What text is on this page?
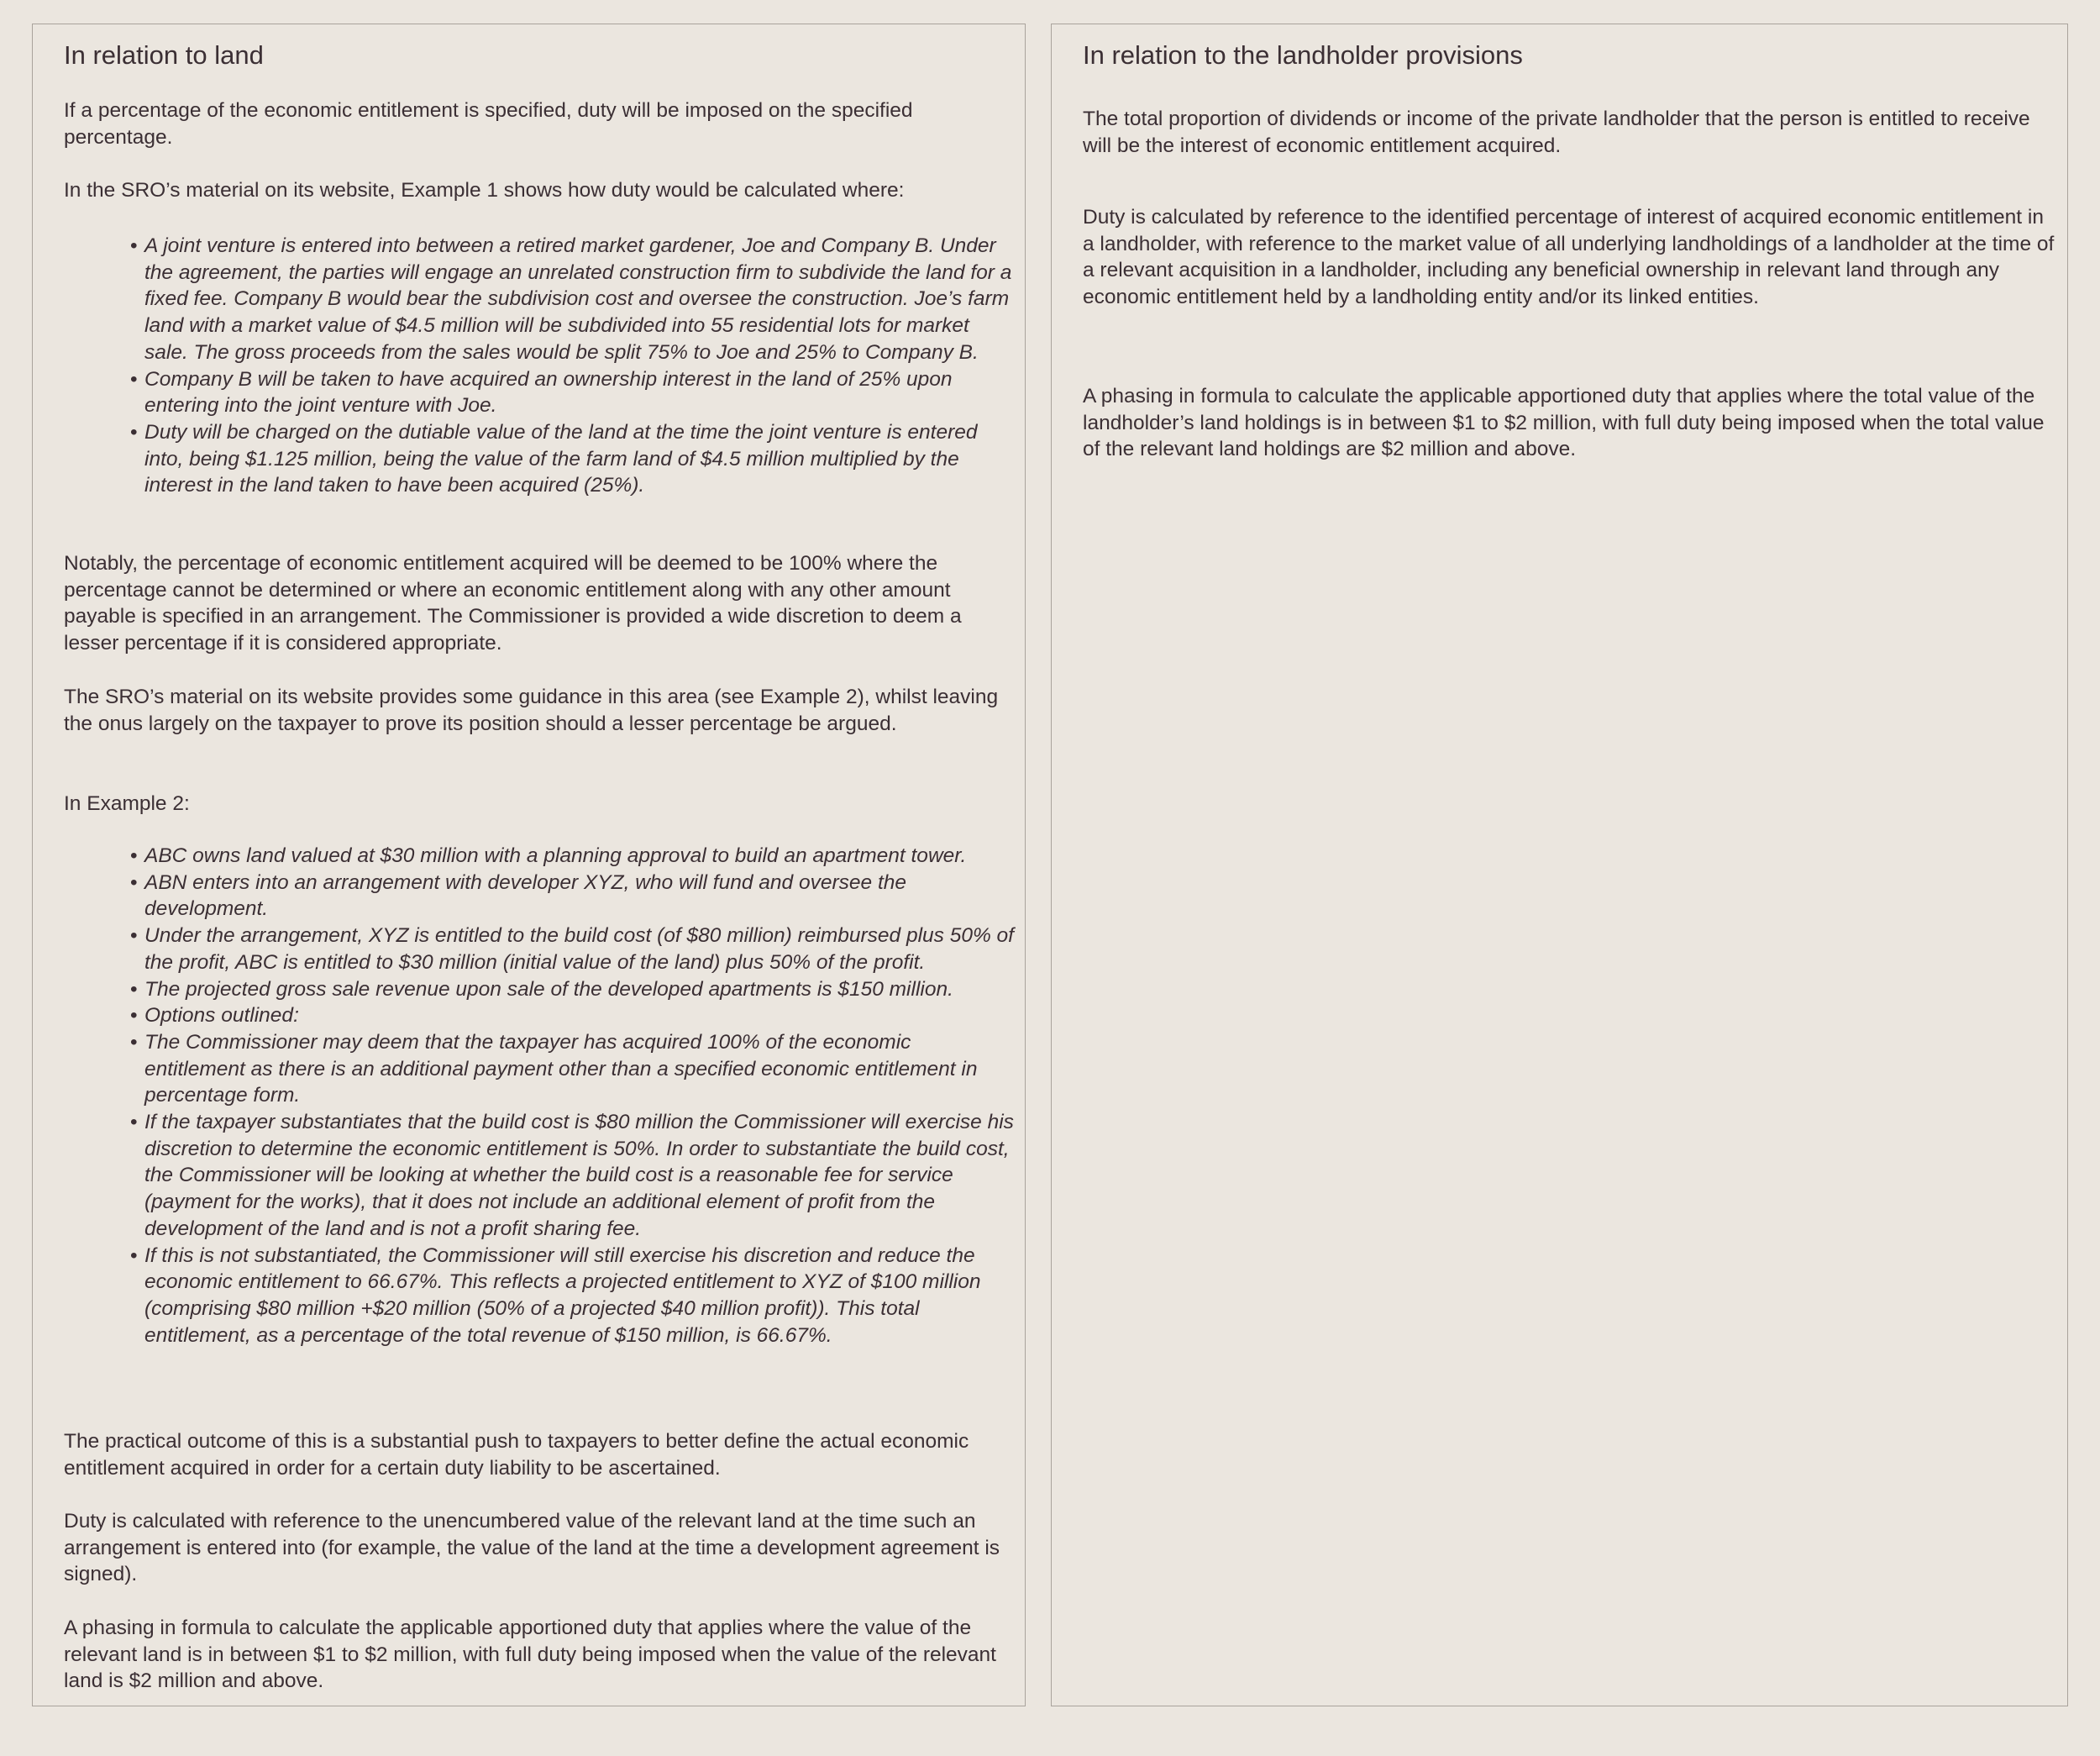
In relation to land

If a percentage of the economic entitlement is specified, duty will be imposed on the specified percentage.

In the SRO’s material on its website, Example 1 shows how duty would be calculated where:

• A joint venture is entered into between a retired market gardener, Joe and Company B. Under the agreement, the parties will engage an unrelated construction firm to subdivide the land for a fixed fee. Company B would bear the subdivision cost and oversee the construction. Joe’s farm land with a market value of $4.5 million will be subdivided into 55 residential lots for market sale. The gross proceeds from the sales would be split 75% to Joe and 25% to Company B.
• Company B will be taken to have acquired an ownership interest in the land of 25% upon entering into the joint venture with Joe.
• Duty will be charged on the dutiable value of the land at the time the joint venture is entered into, being $1.125 million, being the value of the farm land of $4.5 million multiplied by the interest in the land taken to have been acquired (25%).

Notably, the percentage of economic entitlement acquired will be deemed to be 100% where the percentage cannot be determined or where an economic entitlement along with any other amount payable is specified in an arrangement. The Commissioner is provided a wide discretion to deem a lesser percentage if it is considered appropriate.

The SRO’s material on its website provides some guidance in this area (see Example 2), whilst leaving the onus largely on the taxpayer to prove its position should a lesser percentage be argued.

In Example 2:

• ABC owns land valued at $30 million with a planning approval to build an apartment tower.
• ABN enters into an arrangement with developer XYZ, who will fund and oversee the development.
• Under the arrangement, XYZ is entitled to the build cost (of $80 million) reimbursed plus 50% of the profit, ABC is entitled to $30 million (initial value of the land) plus 50% of the profit.
• The projected gross sale revenue upon sale of the developed apartments is $150 million.
• Options outlined:
• The Commissioner may deem that the taxpayer has acquired 100% of the economic entitlement as there is an additional payment other than a specified economic entitlement in percentage form.
• If the taxpayer substantiates that the build cost is $80 million the Commissioner will exercise his discretion to determine the economic entitlement is 50%. In order to substantiate the build cost, the Commissioner will be looking at whether the build cost is a reasonable fee for service (payment for the works), that it does not include an additional element of profit from the development of the land and is not a profit sharing fee.
• If this is not substantiated, the Commissioner will still exercise his discretion and reduce the economic entitlement to 66.67%. This reflects a projected entitlement to XYZ of $100 million (comprising $80 million +$20 million (50% of a projected $40 million profit)). This total entitlement, as a percentage of the total revenue of $150 million, is 66.67%.

The practical outcome of this is a substantial push to taxpayers to better define the actual economic entitlement acquired in order for a certain duty liability to be ascertained.

Duty is calculated with reference to the unencumbered value of the relevant land at the time such an arrangement is entered into (for example, the value of the land at the time a development agreement is signed).

A phasing in formula to calculate the applicable apportioned duty that applies where the value of the relevant land is in between $1 to $2 million, with full duty being imposed when the value of the relevant land is $2 million and above.

In relation to the landholder provisions

The total proportion of dividends or income of the private landholder that the person is entitled to receive will be the interest of economic entitlement acquired.

Duty is calculated by reference to the identified percentage of interest of acquired economic entitlement in a landholder, with reference to the market value of all underlying landholdings of a landholder at the time of a relevant acquisition in a landholder, including any beneficial ownership in relevant land through any economic entitlement held by a landholding entity and/or its linked entities.

A phasing in formula to calculate the applicable apportioned duty that applies where the total value of the landholder’s land holdings is in between $1 to $2 million, with full duty being imposed when the total value of the relevant land holdings are $2 million and above.
